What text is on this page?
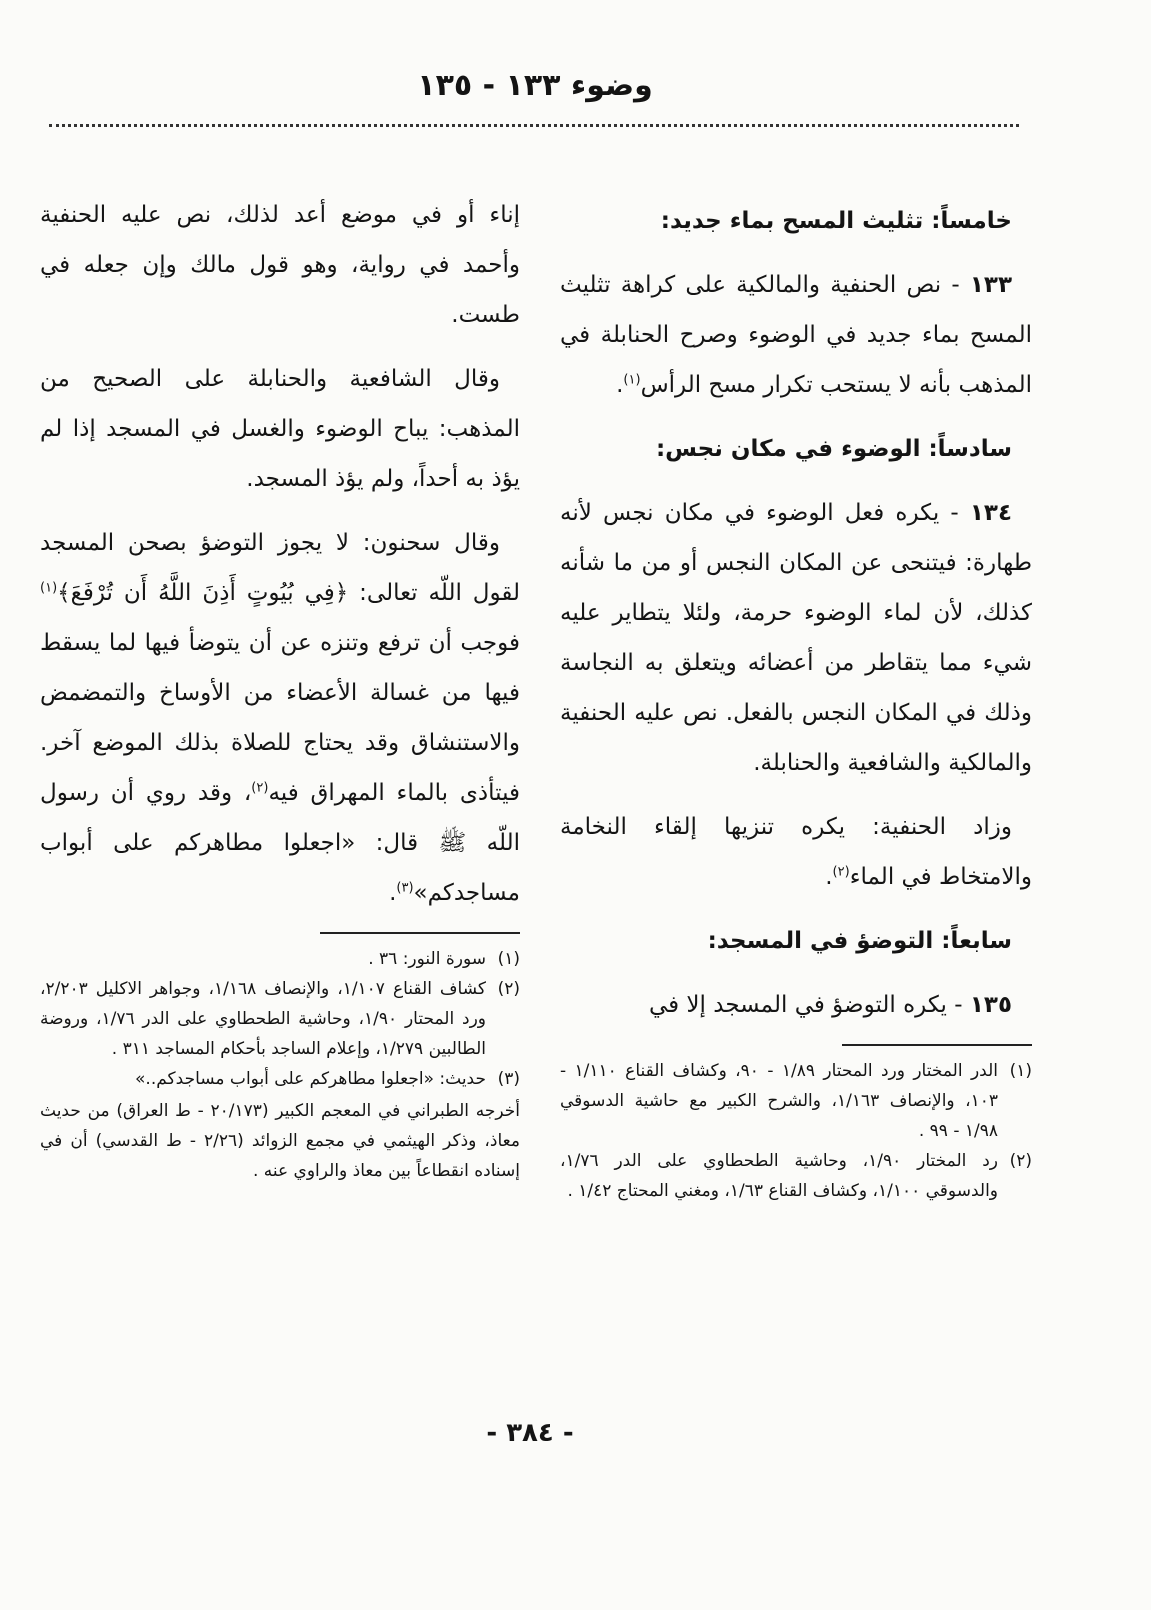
وضوء ١٣٣ - ١٣٥
خامساً: تثليث المسح بماء جديد:

١٣٣ - نص الحنفية والمالكية على كراهة تثليث المسح بماء جديد في الوضوء وصرح الحنابلة في المذهب بأنه لا يستحب تكرار مسح الرأس$^{(١)}$.

سادساً: الوضوء في مكان نجس:

١٣٤ - يكره فعل الوضوء في مكان نجس لأنه طهارة: فيتنحى عن المكان النجس أو من ما شأنه كذلك، لأن لماء الوضوء حرمة، ولئلا يتطاير عليه شيء مما يتقاطر من أعضائه ويتعلق به النجاسة وذلك في المكان النجس بالفعل. نص عليه الحنفية والمالكية والشافعية والحنابلة.

وزاد الحنفية: يكره تنزيها إلقاء النخامة والامتخاط في الماء$^{(٢)}$.

سابعاً: التوضؤ في المسجد:

١٣٥ - يكره التوضؤ في المسجد إلا في

(١)
الدر المختار ورد المحتار ١/٨٩ - ٩٠، وكشاف القناع ١/١١٠ - ١٠٣، والإنصاف ١/١٦٣، والشرح الكبير مع حاشية الدسوقي ١/٩٨ - ٩٩ .
(٢)
رد المختار ١/٩٠، وحاشية الطحطاوي على الدر ١/٧٦، والدسوقي ١/١٠٠، وكشاف القناع ١/٦٣، ومغني المحتاج ١/٤٢ .

إناء أو في موضع أعد لذلك، نص عليه الحنفية وأحمد في رواية، وهو قول مالك وإن جعله في طست.

وقال الشافعية والحنابلة على الصحيح من المذهب: يباح الوضوء والغسل في المسجد إذا لم يؤذ به أحداً، ولم يؤذ المسجد.

وقال سحنون: لا يجوز التوضؤ بصحن المسجد لقول اللّه تعالى: ﴿فِي بُيُوتٍ أَذِنَ اللَّهُ أَن تُرْفَعَ﴾$^{(١)}$ فوجب أن ترفع وتنزه عن أن يتوضأ فيها لما يسقط فيها من غسالة الأعضاء من الأوساخ والتمضمض والاستنشاق وقد يحتاج للصلاة بذلك الموضع آخر. فيتأذى بالماء المهراق فيه$^{(٢)}$، وقد روي أن رسول اللّه ﷺ قال: «اجعلوا مطاهركم على أبواب مساجدكم»$^{(٣)}$.

(١)
سورة النور: ٣٦ .
(٢)
كشاف القناع ١/١٠٧، والإنصاف ١/١٦٨، وجواهر الاكليل ٢/٢٠٣، ورد المحتار ١/٩٠، وحاشية الطحطاوي على الدر ١/٧٦، وروضة الطالبين ١/٢٧٩، وإعلام الساجد بأحكام المساجد ٣١١ .
(٣)
حديث: «اجعلوا مطاهركم على أبواب مساجدكم..»
أخرجه الطبراني في المعجم الكبير (٢٠/١٧٣ - ط العراق) من حديث معاذ، وذكر الهيثمي في مجمع الزوائد (٢/٢٦ - ط القدسي) أن في إسناده انقطاعاً بين معاذ والراوي عنه .
- ٣٨٤ -
